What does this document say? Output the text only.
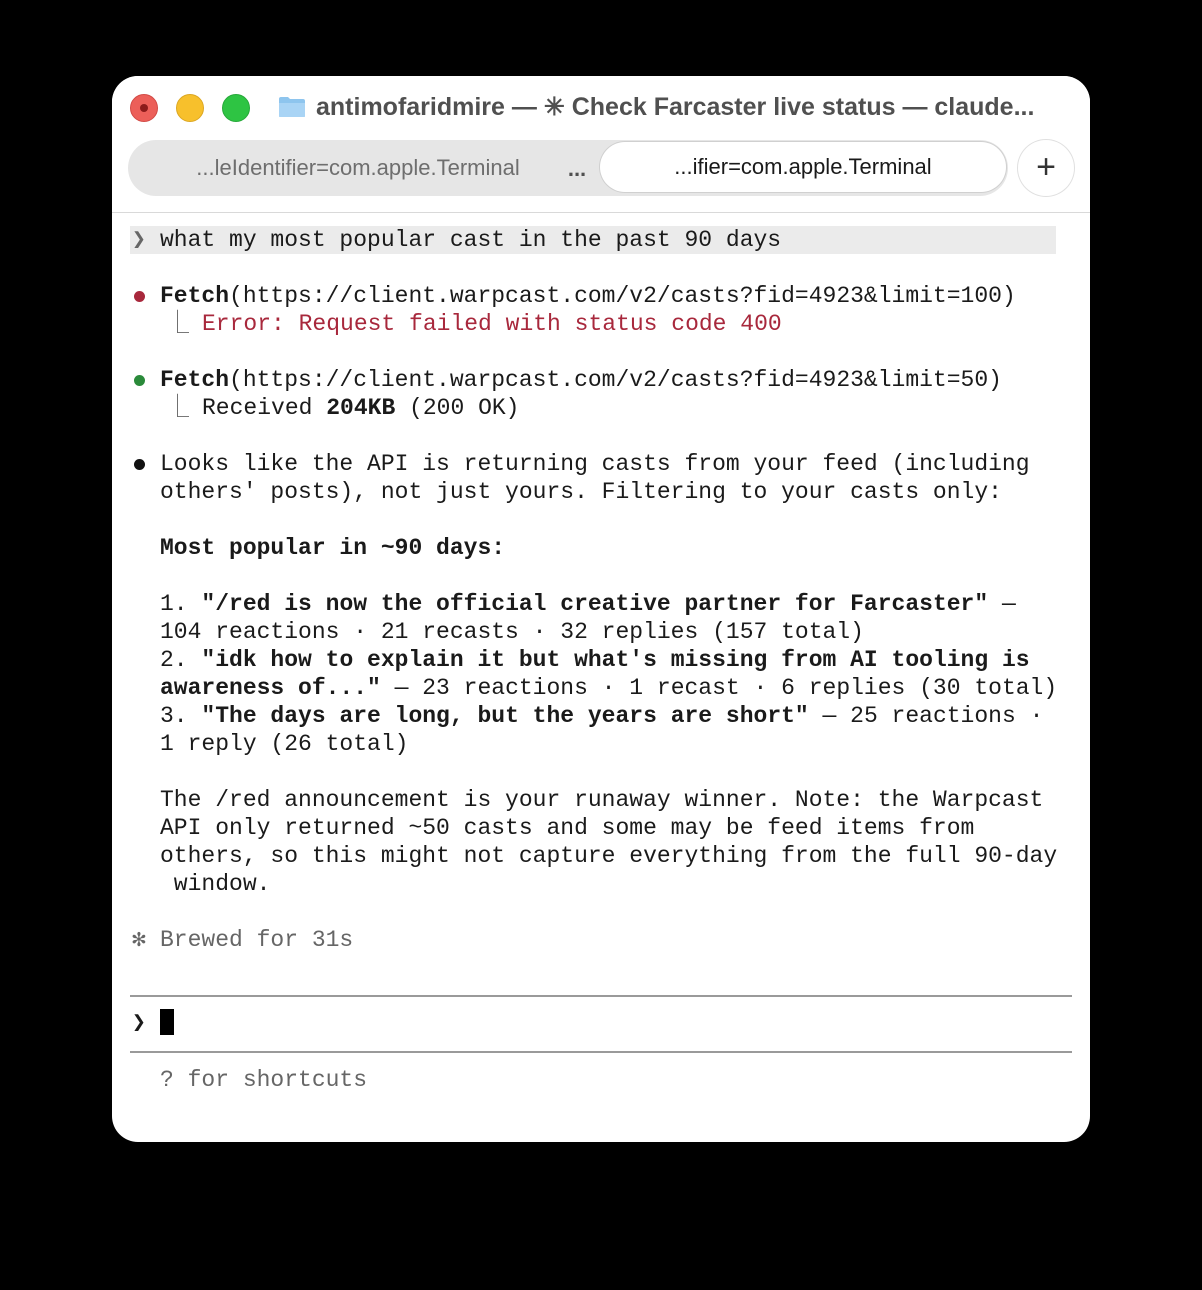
antimofaridmire — ✳ Check Farcaster live status — claude...
...leIdentifier=com.apple.Terminal	...	...ifier=com.apple.Terminal	+
❯ what my most popular cast in the past 90 days
Fetch(https://client.warpcast.com/v2/casts?fid=4923&limit=100)
⎿ Error: Request failed with status code 400
Fetch(https://client.warpcast.com/v2/casts?fid=4923&limit=50)
⎿ Received 204KB (200 OK)
Looks like the API is returning casts from your feed (including
others' posts), not just yours. Filtering to your casts only:
Most popular in ~90 days:
1. "/red is now the official creative partner for Farcaster" —
104 reactions · 21 recasts · 32 replies (157 total)
2. "idk how to explain it but what's missing from AI tooling is
awareness of..." — 23 reactions · 1 recast · 6 replies (30 total)
3. "The days are long, but the years are short" — 25 reactions ·
1 reply (26 total)
The /red announcement is your runaway winner. Note: the Warpcast
API only returned ~50 casts and some may be feed items from
others, so this might not capture everything from the full 90-day
window.
✻ Brewed for 31s
❯
? for shortcuts
